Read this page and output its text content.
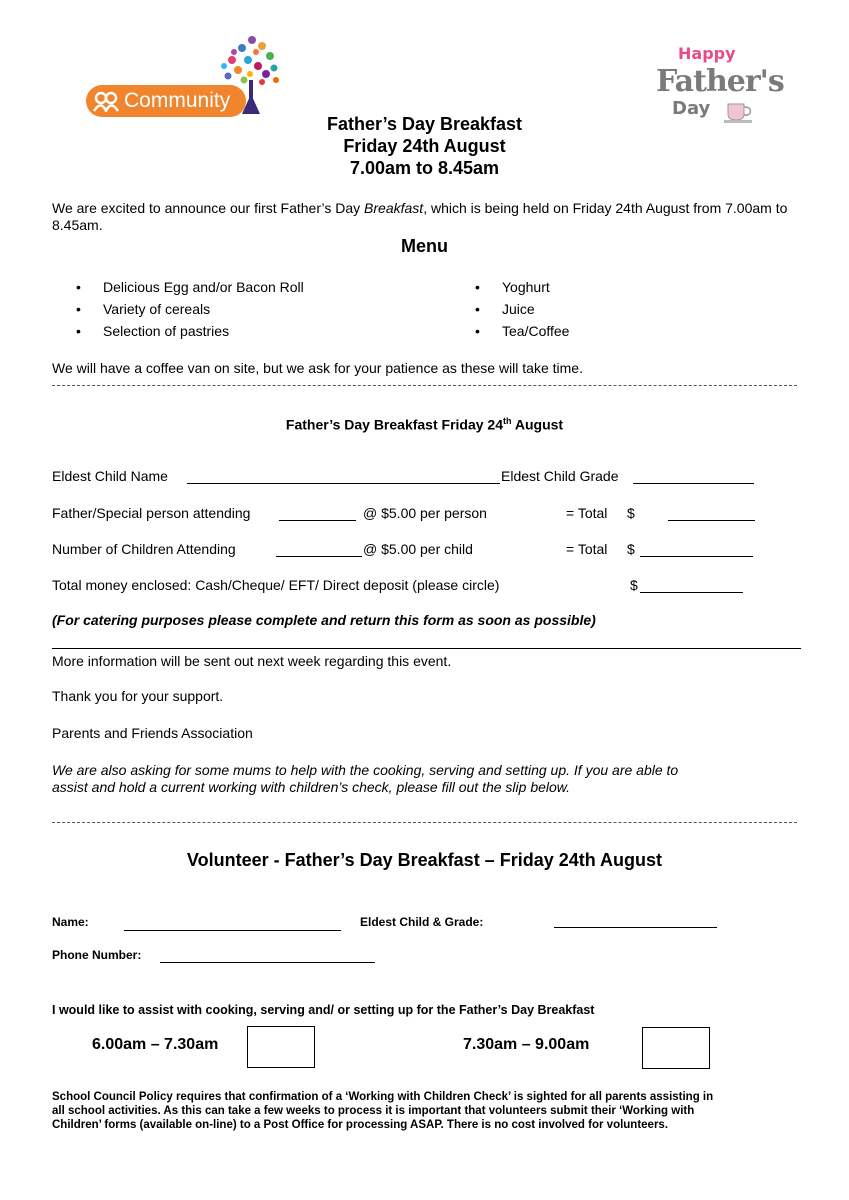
Community
Happy
Father's
Day
Father’s Day Breakfast
Friday 24th August
7.00am to 8.45am
We are excited to announce our first Father’s Day Breakfast, which is being held on Friday 24th August from 7.00am to 8.45am.
Menu
• Delicious Egg and/or Bacon Roll
• Variety of cereals
• Selection of pastries
• Yoghurt
• Juice
• Tea/Coffee
We will have a coffee van on site, but we ask for your patience as these will take time.
Father’s Day Breakfast Friday 24th August
Eldest Child Name	Eldest Child Grade
Father/Special person attending	@ $5.00 per person	= Total $
Number of Children Attending	@ $5.00 per child	= Total $
Total money enclosed: Cash/Cheque/ EFT/ Direct deposit (please circle)	$
(For catering purposes please complete and return this form as soon as possible)
More information will be sent out next week regarding this event.
Thank you for your support.
Parents and Friends Association
We are also asking for some mums to help with the cooking, serving and setting up. If you are able to
assist and hold a current working with children’s check, please fill out the slip below.
Volunteer - Father’s Day Breakfast – Friday 24th August
Name:	Eldest Child & Grade:
Phone Number:
I would like to assist with cooking, serving and/ or setting up for the Father’s Day Breakfast
6.00am – 7.30am	7.30am – 9.00am
School Council Policy requires that confirmation of a ‘Working with Children Check’ is sighted for all parents assisting in
all school activities. As this can take a few weeks to process it is important that volunteers submit their ‘Working with
Children’ forms (available on-line) to a Post Office for processing ASAP. There is no cost involved for volunteers.
